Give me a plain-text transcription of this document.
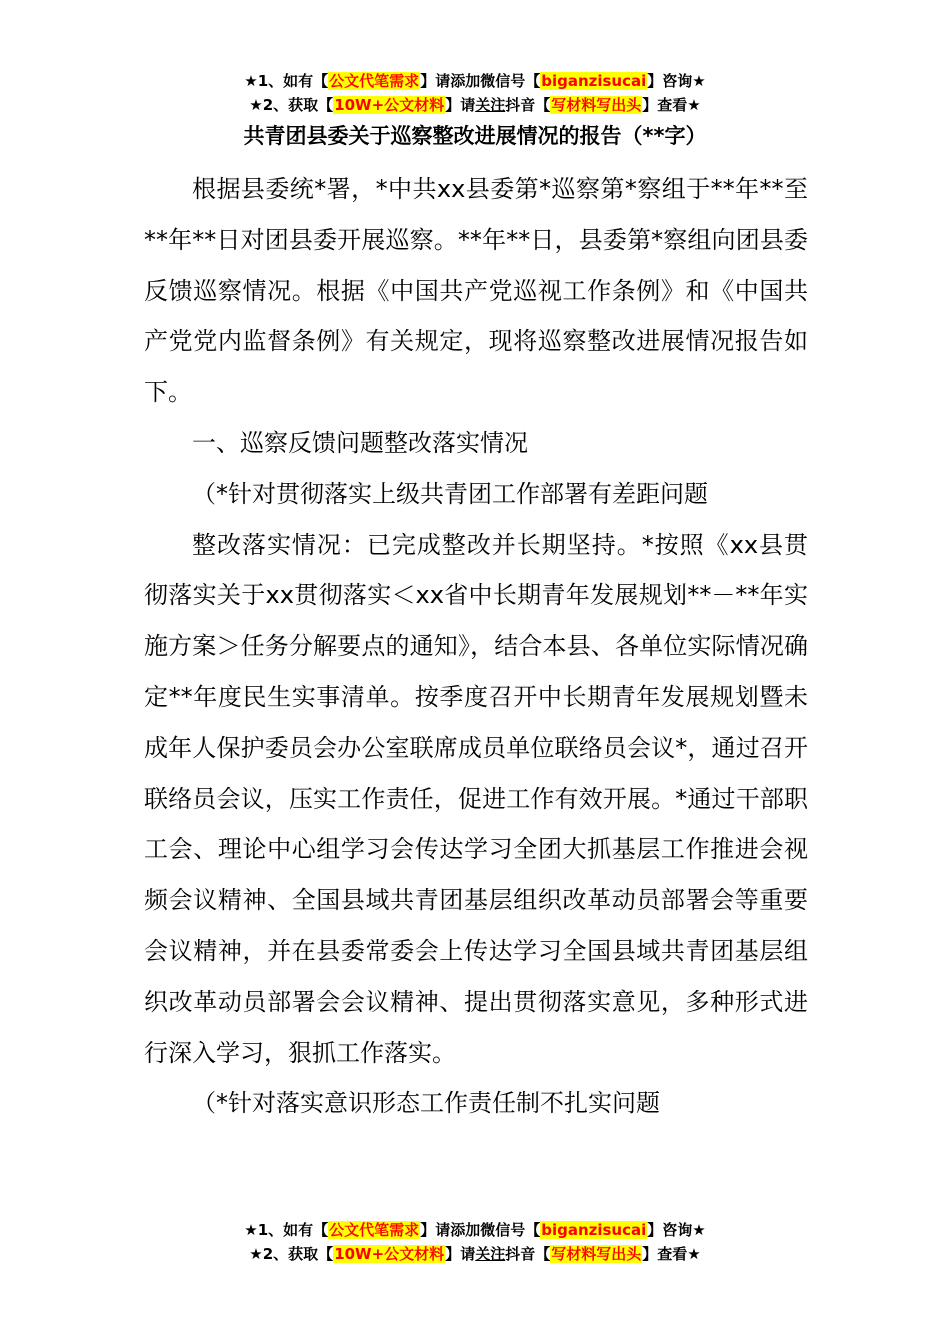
★1、如有【公文代笔需求】请添加微信号【biganzisucai】咨询★
★2、获取【10W+公文材料】请关注抖音【写材料写出头】查看★
共青团县委关于巡察整改进展情况的报告（**字）

根据县委统*署，*中共xx县委第*巡察第*察组于**年**至**年**日对团县委开展巡察。**年**日，县委第*察组向团县委反馈巡察情况。根据《中国共产党巡视工作条例》和《中国共产党党内监督条例》有关规定，现将巡察整改进展情况报告如下。

一、巡察反馈问题整改落实情况

（*针对贯彻落实上级共青团工作部署有差距问题

整改落实情况：已完成整改并长期坚持。*按照《xx县贯彻落实关于xx贯彻落实＜xx省中长期青年发展规划**－**年实施方案＞任务分解要点的通知》，结合本县、各单位实际情况确定**年度民生实事清单。按季度召开中长期青年发展规划暨未成年人保护委员会办公室联席成员单位联络员会议*，通过召开联络员会议，压实工作责任，促进工作有效开展。*通过干部职工会、理论中心组学习会传达学习全团大抓基层工作推进会视频会议精神、全国县域共青团基层组织改革动员部署会等重要会议精神，并在县委常委会上传达学习全国县域共青团基层组织改革动员部署会会议精神、提出贯彻落实意见，多种形式进行深入学习，狠抓工作落实。

（*针对落实意识形态工作责任制不扎实问题

★1、如有【公文代笔需求】请添加微信号【biganzisucai】咨询★
★2、获取【10W+公文材料】请关注抖音【写材料写出头】查看★
